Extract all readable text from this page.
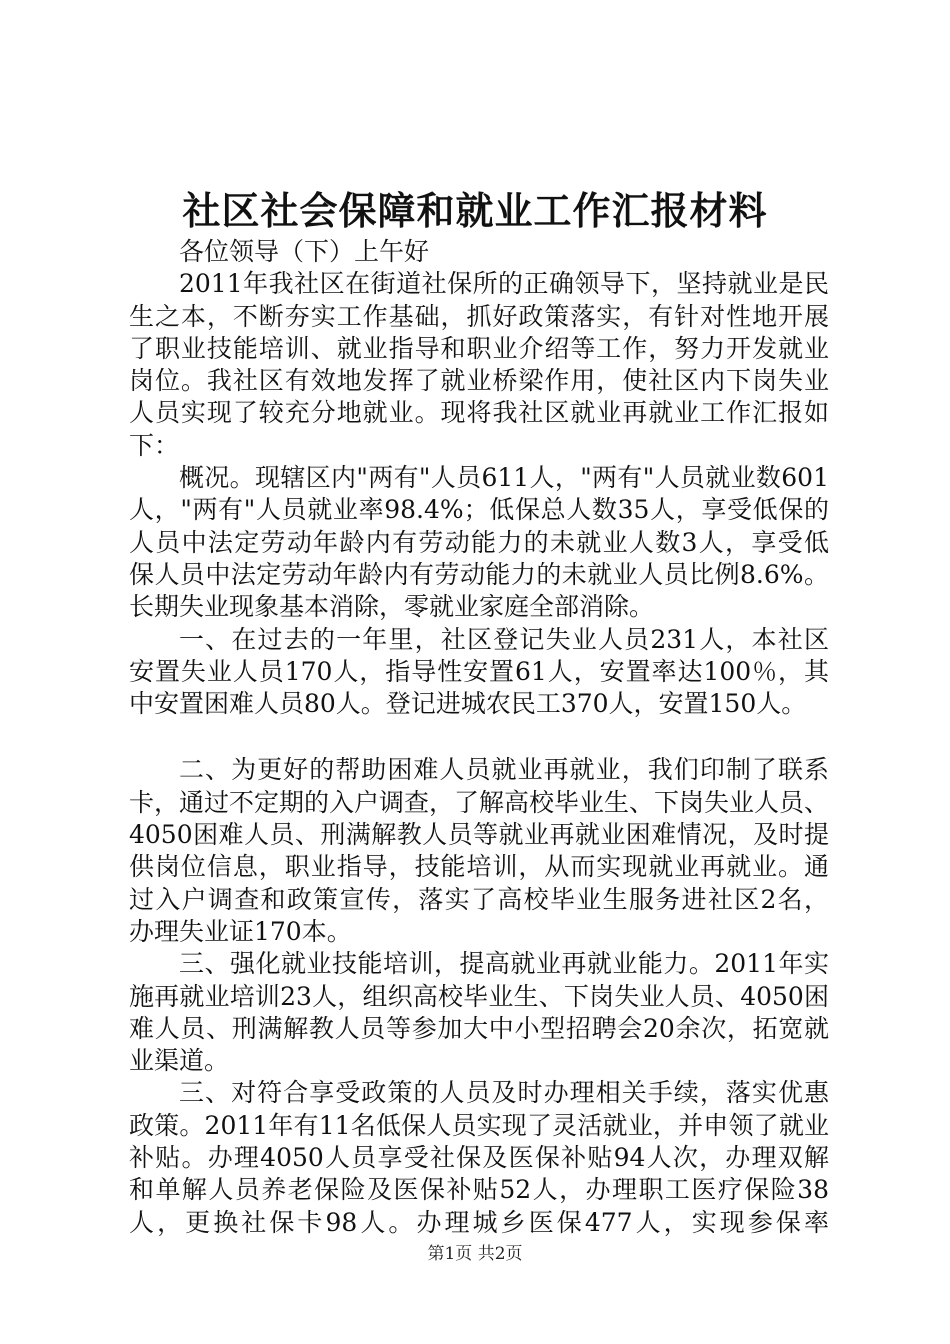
社区社会保障和就业工作汇报材料
各位领导（下）上午好
2011年我社区在街道社保所的正确领导下，坚持就业是民
生之本，不断夯实工作基础，抓好政策落实，有针对性地开展
了职业技能培训、就业指导和职业介绍等工作，努力开发就业
岗位。我社区有效地发挥了就业桥梁作用，使社区内下岗失业
人员实现了较充分地就业。现将我社区就业再就业工作汇报如
下：
概况。现辖区内"两有"人员611人，"两有"人员就业数601
人，"两有"人员就业率98.4%；低保总人数35人，享受低保的
人员中法定劳动年龄内有劳动能力的未就业人数3人，享受低
保人员中法定劳动年龄内有劳动能力的未就业人员比例8.6%。
长期失业现象基本消除，零就业家庭全部消除。
一、在过去的一年里，社区登记失业人员231人，本社区
安置失业人员170人，指导性安置61人，安置率达100％，其
中安置困难人员80人。登记进城农民工370人，安置150人。
二、为更好的帮助困难人员就业再就业，我们印制了联系
卡，通过不定期的入户调查，了解高校毕业生、下岗失业人员、
4050困难人员、刑满解教人员等就业再就业困难情况，及时提
供岗位信息，职业指导，技能培训，从而实现就业再就业。通
过入户调查和政策宣传，落实了高校毕业生服务进社区2名，
办理失业证170本。
三、强化就业技能培训，提高就业再就业能力。2011年实
施再就业培训23人，组织高校毕业生、下岗失业人员、4050困
难人员、刑满解教人员等参加大中小型招聘会20余次，拓宽就
业渠道。
三、对符合享受政策的人员及时办理相关手续，落实优惠
政策。2011年有11名低保人员实现了灵活就业，并申领了就业
补贴。办理4050人员享受社保及医保补贴94人次，办理双解
和单解人员养老保险及医保补贴52人，办理职工医疗保险38
人，更换社保卡98人。办理城乡医保477人，实现参保率
第1页 共2页
